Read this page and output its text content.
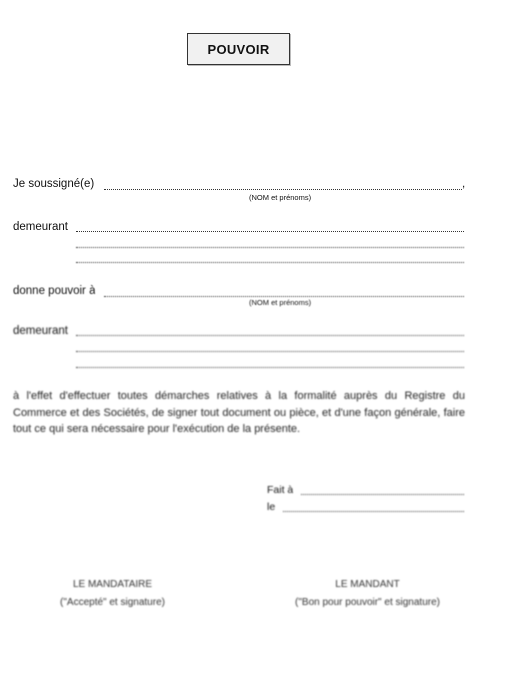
POUVOIR
Je soussigné(e)	,
(NOM et prénoms)
demeurant
donne pouvoir à
(NOM et prénoms)
demeurant
à l'effet d'effectuer toutes démarches relatives à la formalité auprès du Registre du Commerce et des Sociétés, de signer tout document ou pièce, et d'une façon générale, faire tout ce qui sera nécessaire pour l'exécution de la présente.
Fait à
le
LE MANDATAIRE
("Accepté" et signature)
LE MANDANT
("Bon pour pouvoir" et signature)
